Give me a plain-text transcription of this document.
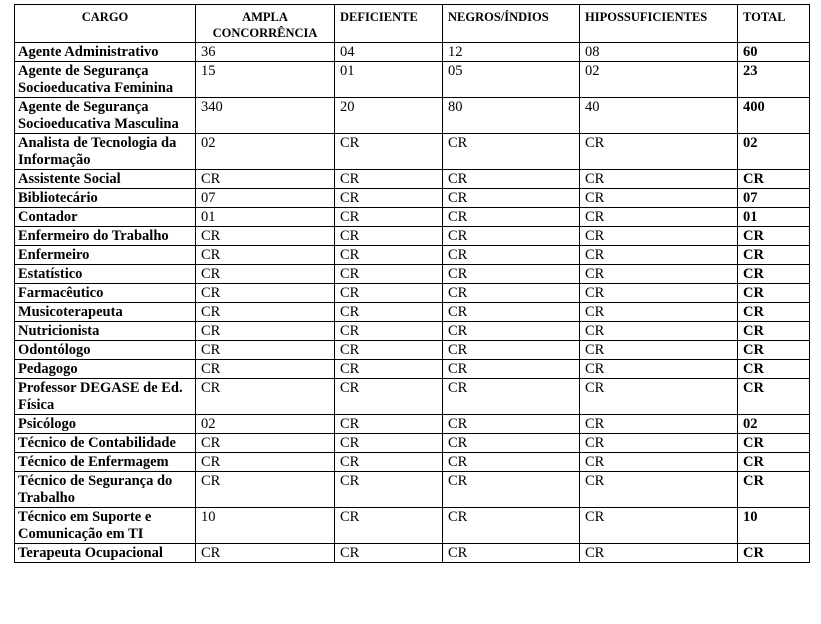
CARGO	AMPLA CONCORRÊNCIA	DEFICIENTE	NEGROS/ÍNDIOS	HIPOSSUFICIENTES	TOTAL
Agente Administrativo	36	04	12	08	60
Agente de Segurança Socioeducativa Feminina	15	01	05	02	23
Agente de Segurança Socioeducativa Masculina	340	20	80	40	400
Analista de Tecnologia da Informação	02	CR	CR	CR	02
Assistente Social	CR	CR	CR	CR	CR
Bibliotecário	07	CR	CR	CR	07
Contador	01	CR	CR	CR	01
Enfermeiro do Trabalho	CR	CR	CR	CR	CR
Enfermeiro	CR	CR	CR	CR	CR
Estatístico	CR	CR	CR	CR	CR
Farmacêutico	CR	CR	CR	CR	CR
Musicoterapeuta	CR	CR	CR	CR	CR
Nutricionista	CR	CR	CR	CR	CR
Odontólogo	CR	CR	CR	CR	CR
Pedagogo	CR	CR	CR	CR	CR
Professor DEGASE de Ed. Física	CR	CR	CR	CR	CR
Psicólogo	02	CR	CR	CR	02
Técnico de Contabilidade	CR	CR	CR	CR	CR
Técnico de Enfermagem	CR	CR	CR	CR	CR
Técnico de Segurança do Trabalho	CR	CR	CR	CR	CR
Técnico em Suporte e Comunicação em TI	10	CR	CR	CR	10
Terapeuta Ocupacional	CR	CR	CR	CR	CR
